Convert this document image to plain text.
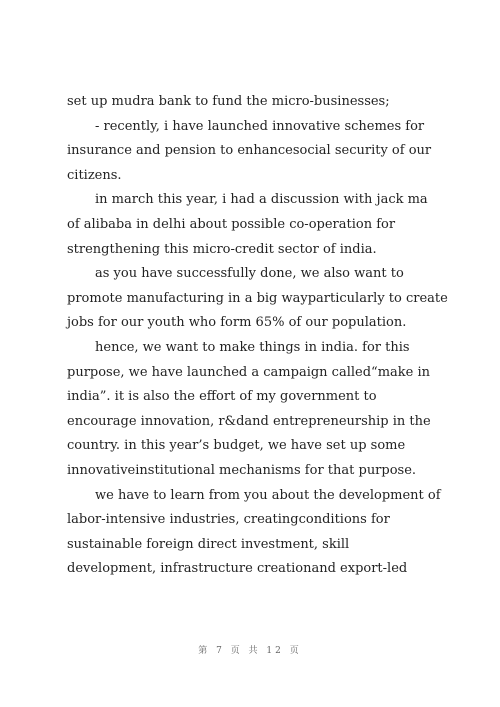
set up mudra bank to fund the micro-businesses;
- recently, i have launched innovative schemes for
insurance and pension to enhancesocial security of our
citizens.
in march this year, i had a discussion with jack ma
of alibaba in delhi about possible co-operation for
strengthening this micro-credit sector of india.
as you have successfully done, we also want to
promote manufacturing in a big wayparticularly to create
jobs for our youth who form 65% of our population.
hence, we want to make things in india. for this
purpose, we have launched a campaign called“make in
india”. it is also the effort of my government to
encourage innovation, r&dand entrepreneurship in the
country. in this year’s budget, we have set up some
innovativeinstitutional mechanisms for that purpose.
we have to learn from you about the development of
labor-intensive industries, creatingconditions for
sustainable foreign direct investment, skill
development, infrastructure creationand export-led
第 7 页 共 12 页
